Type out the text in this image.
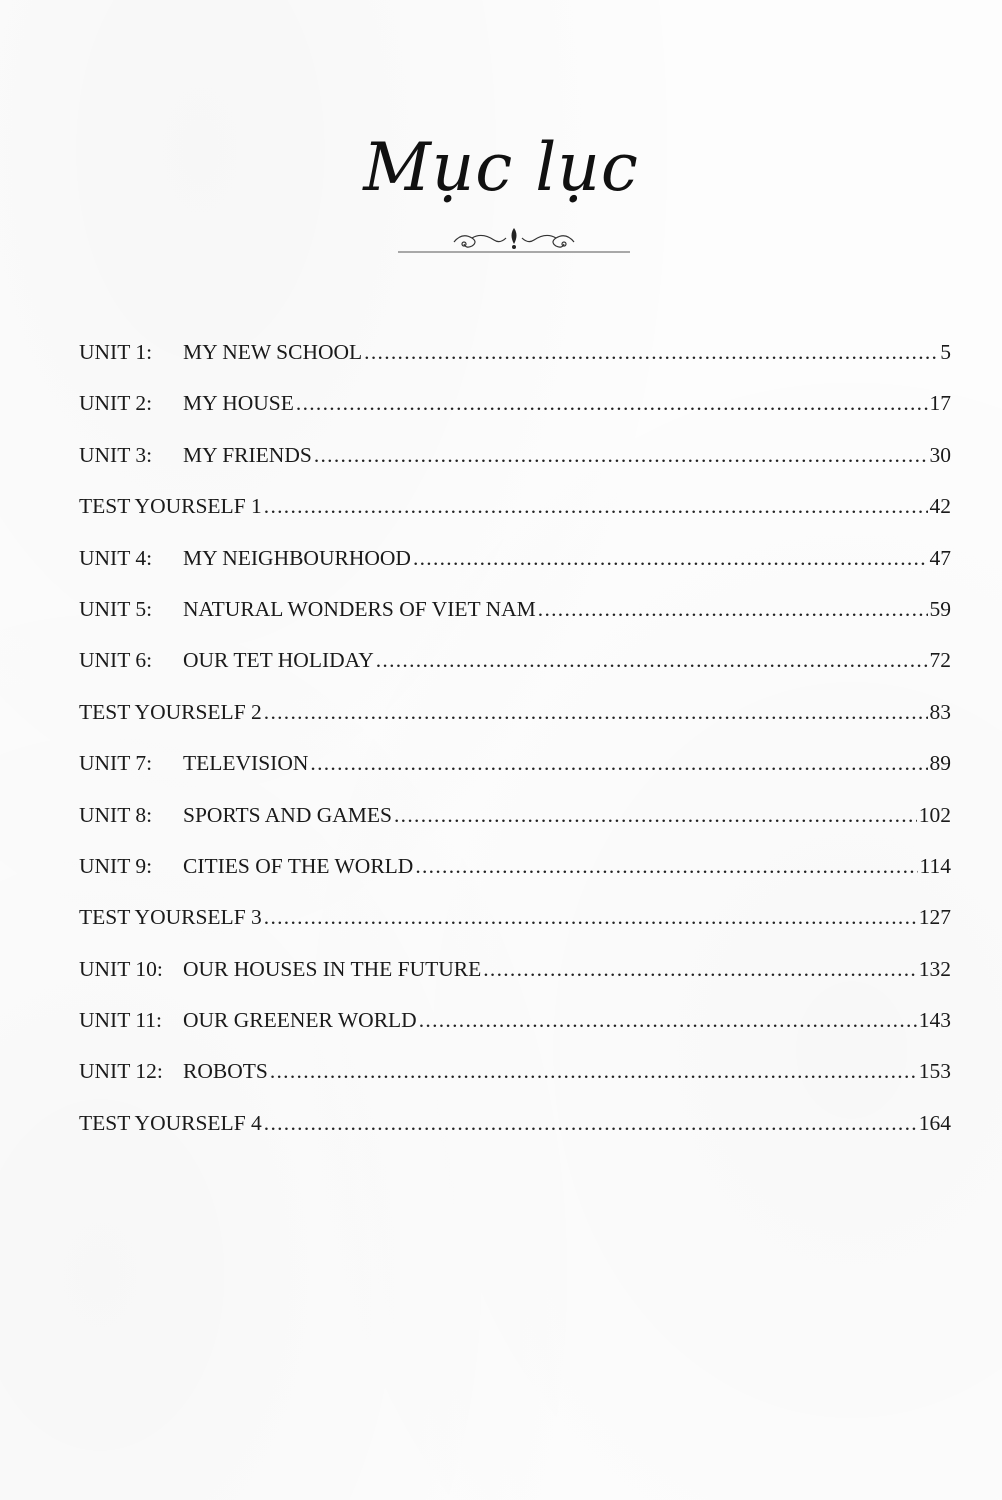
Mục lục
UNIT 1:	MY NEW SCHOOL .....	5
UNIT 2:	MY HOUSE .....	17
UNIT 3:	MY FRIENDS .....	30
TEST YOURSELF 1 .....	42
UNIT 4:	MY NEIGHBOURHOOD .....	47
UNIT 5:	NATURAL WONDERS OF VIET NAM .....	59
UNIT 6:	OUR TET HOLIDAY .....	72
TEST YOURSELF 2 .....	83
UNIT 7:	TELEVISION .....	89
UNIT 8:	SPORTS AND GAMES .....	102
UNIT 9:	CITIES OF THE WORLD .....	114
TEST YOURSELF 3 .....	127
UNIT 10: OUR HOUSES IN THE FUTURE .....	132
UNIT 11: OUR GREENER WORLD .....	143
UNIT 12: ROBOTS .....	153
TEST YOURSELF 4 .....	164
